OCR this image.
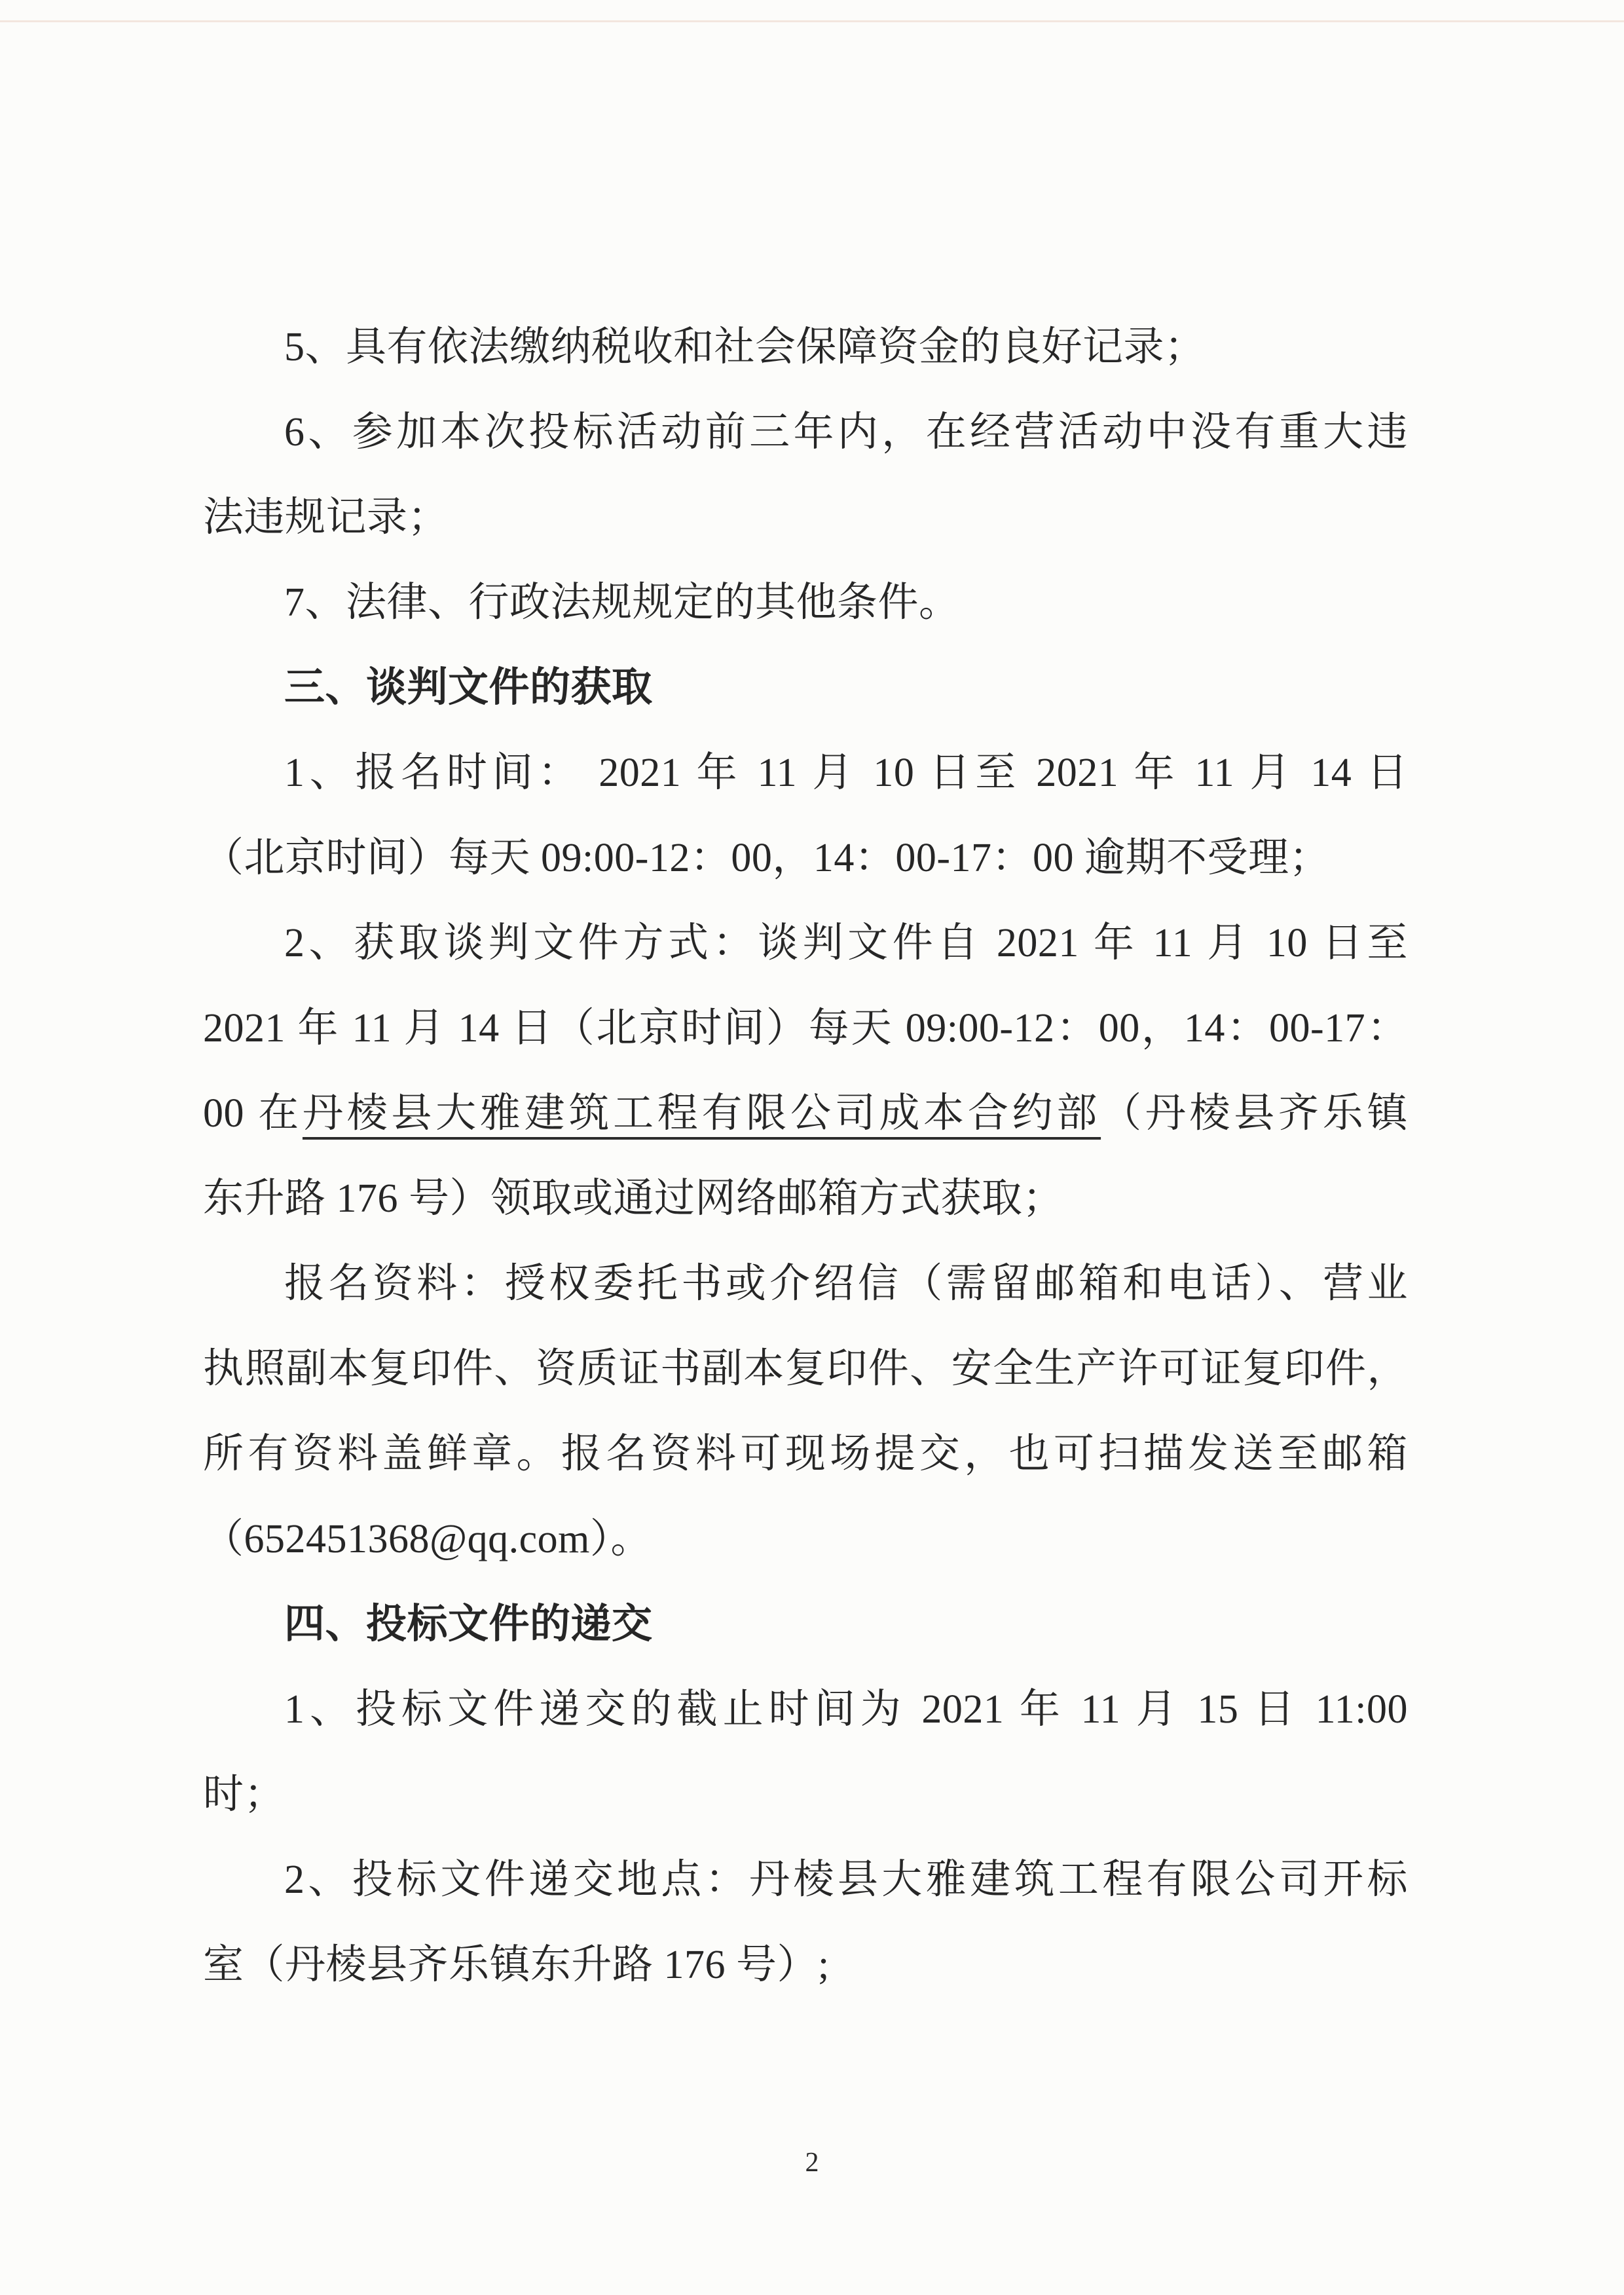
5、具有依法缴纳税收和社会保障资金的良好记录；
6、参加本次投标活动前三年内，在经营活动中没有重大违
法违规记录；
7、法律、行政法规规定的其他条件。
三、谈判文件的获取
1、报名时间： 2021 年 11 月 10 日至 2021 年 11 月 14 日
（北京时间）每天 09:00-12：00，14：00-17：00 逾期不受理；
2、获取谈判文件方式：谈判文件自 2021 年 11 月 10 日至
2021 年 11 月 14 日（北京时间）每天 09:00-12：00，14：00-17：
00 在丹棱县大雅建筑工程有限公司成本合约部（丹棱县齐乐镇
东升路 176 号）领取或通过网络邮箱方式获取；
报名资料：授权委托书或介绍信（需留邮箱和电话）、营业
执照副本复印件、资质证书副本复印件、安全生产许可证复印件，
所有资料盖鲜章。报名资料可现场提交，也可扫描发送至邮箱
（652451368@qq.com）。
四、投标文件的递交
1、投标文件递交的截止时间为 2021 年 11 月 15 日 11:00
时；
2、投标文件递交地点：丹棱县大雅建筑工程有限公司开标
室（丹棱县齐乐镇东升路 176 号）;
2
